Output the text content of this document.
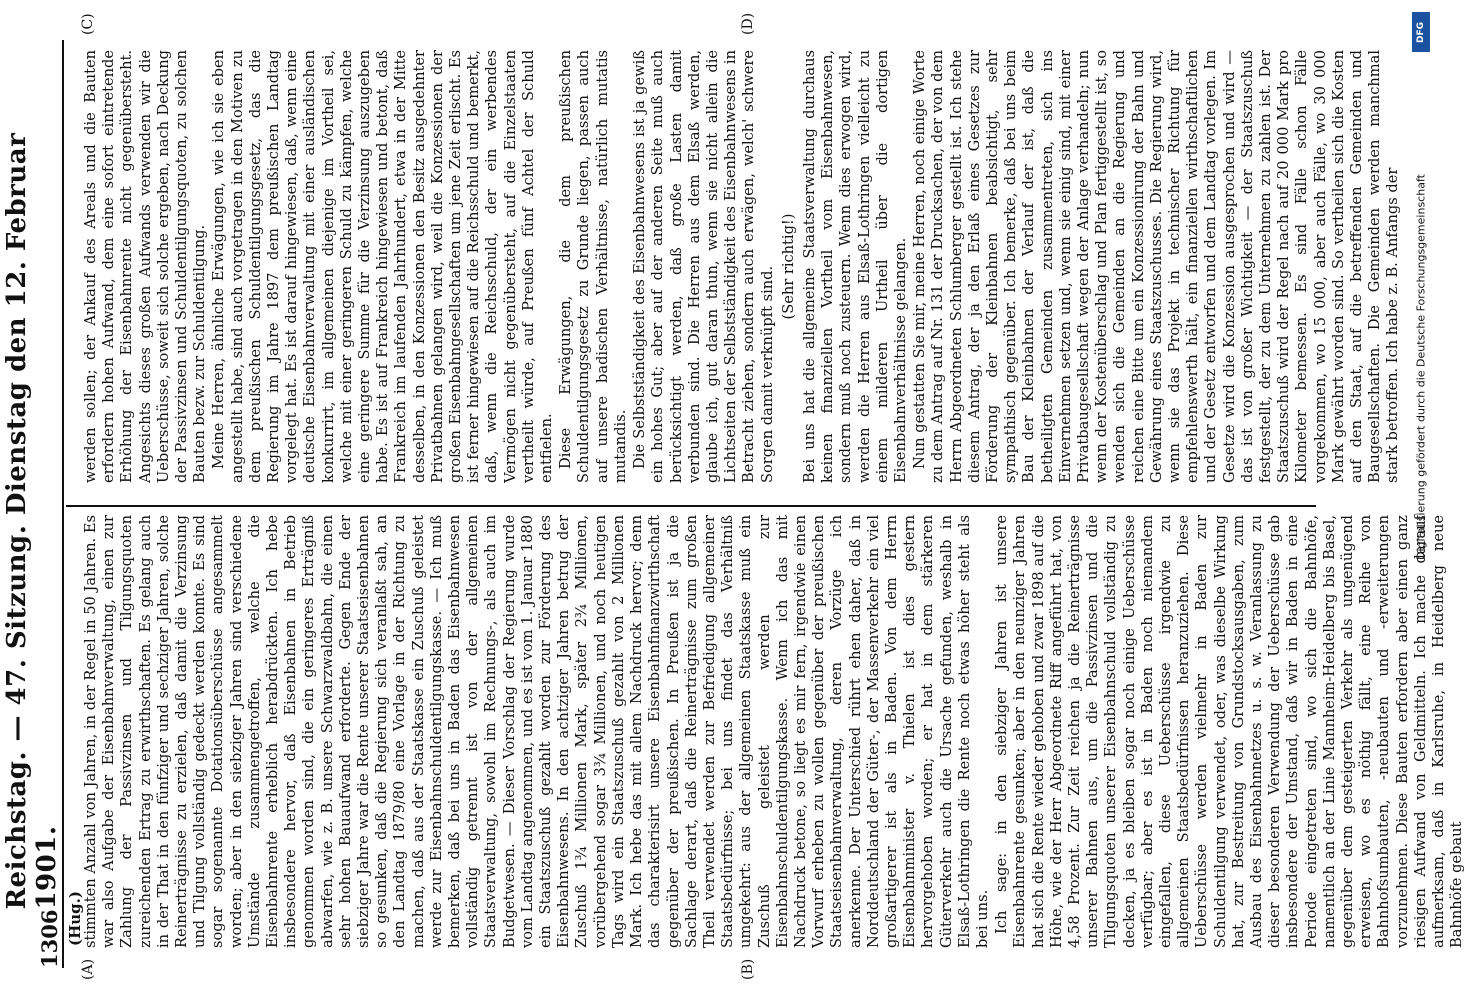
1306
Reichstag. — 47. Sitzung. Dienstag den 12. Februar 1901.
(Hug.)
(A)	(B)
(C)	(D)

stimmten Anzahl von Jahren, in der Regel in 50 Jahren. Es war also Aufgabe der Eisenbahnverwaltung, einen zur Zahlung der Passivzinsen und Tilgungsquoten zureichenden Ertrag zu erwirthschaften. Es gelang auch in der That in den fünfziger und sechziger Jahren, solche Reinerträgnisse zu erzielen, daß damit die Verzinsung und Tilgung vollständig gedeckt werden konnte. Es sind sogar sogenannte Dotationsüberschüsse angesammelt worden; aber in den siebziger Jahren sind verschiedene Umstände zusammengetroffen, welche die Eisenbahnrente erheblich herabdrückten. Ich hebe insbesondere hervor, daß Eisenbahnen in Betrieb genommen worden sind, die ein geringeres Erträgniß abwarfen, wie z. B. unsere Schwarzwaldbahn, die einen sehr hohen Bauaufwand erforderte. Gegen Ende der siebziger Jahre war die Rente unserer Staatseisenbahnen so gesunken, daß die Regierung sich veranlaßt sah, an den Landtag 1879/80 eine Vorlage in der Richtung zu machen, daß aus der Staatskasse ein Zuschuß geleistet werde zur Eisenbahnschuldentilgungskasse. — Ich muß bemerken, daß bei uns in Baden das Eisenbahnwesen vollständig getrennt ist von der allgemeinen Staatsverwaltung, sowohl im Rechnungs-, als auch im Budgetwesen. — Dieser Vorschlag der Regierung wurde vom Landtag angenommen, und es ist vom 1. Januar 1880 ein Staatszuschuß gezahlt worden zur Förderung des Eisenbahnwesens. In den achtziger Jahren betrug der Zuschuß 1¾ Millionen Mark, später 2¾ Millionen, vorübergehend sogar 3¾ Millionen, und noch heutigen Tags wird ein Staatszuschuß gezahlt von 2 Millionen Mark. Ich hebe das mit allem Nachdruck hervor; denn das charakterisirt unsere Eisenbahnfinanzwirthschaft gegenüber der preußischen. In Preußen ist ja die Sachlage derart, daß die Reinerträgnisse zum großen Theil verwendet werden zur Befriedigung allgemeiner Staatsbedürfnisse; bei uns findet das Verhältniß umgekehrt: aus der allgemeinen Staatskasse muß ein Zuschuß geleistet werden zur Eisenbahnschuldentilgungskasse. Wenn ich das mit Nachdruck betone, so liegt es mir fern, irgendwie einen Vorwurf erheben zu wollen gegenüber der preußischen Staatseisenbahnverwaltung, deren Vorzüge ich anerkenne. Der Unterschied rührt ehen daher, daß in Norddeutschland der Güter-, der Massenverkehr ein viel großartigerer ist als in Baden. Von dem Herrn Eisenbahnminister v. Thielen ist dies gestern hervorgehoben worden; er hat in dem stärkeren Güterverkehr auch die Ursache gefunden, weshalb in Elsaß-Lothringen die Rente noch etwas höher steht als bei uns. Ich sage: in den siebziger Jahren ist unsere Eisenbahnrente gesunken; aber in den neunziger Jahren hat sich die Rente wieder gehoben und zwar 1898 auf die Höhe, wie der Herr Abgeordnete Riff angeführt hat, von 4,58 Prozent. Zur Zeit reichen ja die Reinerträgnisse unserer Bahnen aus, um die Passivzinsen und die Tilgungsquoten unserer Eisenbahnschuld vollständig zu decken, ja es bleiben sogar noch einige Ueberschüsse verfügbar; aber es ist in Baden noch niemandem eingefallen, diese Ueberschüsse irgendwie zu allgemeinen Staatsbedürfnissen heranzuziehen. Diese Ueberschüsse werden vielmehr in Baden zur Schuldentilgung verwendet, oder, was dieselbe Wirkung hat, zur Bestreitung von Grundstocksausgaben, zum Ausbau des Eisenbahnnetzes u. s. w. Veranlassung zu dieser besonderen Verwendung der Ueberschüsse gab insbesondere der Umstand, daß wir in Baden in eine Periode eingetreten sind, wo sich die Bahnhöfe, namentlich an der Linie Mannheim-Heidelberg bis Basel, gegenüber dem gesteigerten Verkehr als ungenügend erweisen, wo es nöthig fällt, eine Reihe von Bahnhofsumbauten, -neubauten und -erweiterungen vorzunehmen. Diese Bauten erfordern aber einen ganz riesigen Aufwand von Geldmitteln. Ich mache darauf aufmerksam, daß in Karlsruhe, in Heidelberg neue Bahnhöfe gebaut

werden sollen; der Ankauf des Areals und die Bauten erfordern hohen Aufwand, dem eine sofort eintretende Erhöhung der Eisenbahnrente nicht gegenübersteht. Angesichts dieses großen Aufwands verwenden wir die Ueberschüsse, soweit sich solche ergeben, nach Deckung der Passivzinsen und Schuldentilgungsquoten, zu solchen Bauten bezw. zur Schuldentilgung. Meine Herren, ähnliche Erwägungen, wie ich sie eben angestellt habe, sind auch vorgetragen in den Motiven zu dem preußischen Schuldentilgungsgesetz, das die Regierung im Jahre 1897 dem preußischen Landtag vorgelegt hat. Es ist darauf hingewiesen, daß, wenn eine deutsche Eisenbahnverwaltung mit einer ausländischen konkurrirt, im allgemeinen diejenige im Vortheil sei, welche mit einer geringeren Schuld zu kämpfen, welche eine geringere Summe für die Verzinsung auszugeben habe. Es ist auf Frankreich hingewiesen und betont, daß Frankreich im laufenden Jahrhundert, etwa in der Mitte desselben, in den Konzessionen den Besitz ausgedehnter Privatbahnen gelangen wird, weil die Konzessionen der großen Eisenbahngesellschaften um jene Zeit erlischt. Es ist ferner hingewiesen auf die Reichsschuld und bemerkt, daß, wenn die Reichsschuld, der ein werbendes Vermögen nicht gegenübersteht, auf die Einzelstaaten vertheilt würde, auf Preußen fünf Achtel der Schuld entfielen. Diese Erwägungen, die dem preußischen Schuldentilgungsgesetz zu Grunde liegen, passen auch auf unsere badischen Verhältnisse, natürlich mutatis mutandis. Die Selbstständigkeit des Eisenbahnwesens ist ja gewiß ein hohes Gut; aber auf der anderen Seite muß auch berücksichtigt werden, daß große Lasten damit verbunden sind. Die Herren aus dem Elsaß werden, glaube ich, gut daran thun, wenn sie nicht allein die Lichtseiten der Selbstständigkeit des Eisenbahnwesens in Betracht ziehen, sondern auch erwägen, welch' schwere Sorgen damit verknüpft sind. (Sehr richtig!) Bei uns hat die allgemeine Staatsverwaltung durchaus keinen finanziellen Vortheil vom Eisenbahnwesen, sondern muß noch zusteuern. Wenn dies erwogen wird, werden die Herren aus Elsaß-Lothringen vielleicht zu einem milderen Urtheil über die dortigen Eisenbahnverhältnisse gelangen. Nun gestatten Sie mir, meine Herren, noch einige Worte zu dem Antrag auf Nr. 131 der Drucksachen, der von dem Herrn Abgeordneten Schlumberger gestellt ist. Ich stehe diesem Antrag, der ja den Erlaß eines Gesetzes zur Förderung der Kleinbahnen beabsichtigt, sehr sympathisch gegenüber. Ich bemerke, daß bei uns beim Bau der Kleinbahnen der Verlauf der ist, daß die betheiligten Gemeinden zusammentreten, sich ins Einvernehmen setzen und, wenn sie einig sind, mit einer Privatbaugesellschaft wegen der Anlage verhandeln; nun wenn der Kostenüberschlag und Plan fertiggestellt ist, so wenden sich die Gemeinden an die Regierung und reichen eine Bitte um ein Konzessionirung der Bahn und Gewährung eines Staatszuschusses. Die Regierung wird, wenn sie das Projekt in technischer Richtung für empfehlenswerth hält, ein finanziellen wirthschaftlichen und der Gesetz entworfen und dem Landtag vorlegen. Im Gesetze wird die Konzession ausgesprochen und wird — das ist von großer Wichtigkeit — der Staatszuschuß festgestellt, der zu dem Unternehmen zu zahlen ist. Der Staatszuschuß wird der Regel nach auf 20 000 Mark pro Kilometer bemessen. Es sind Fälle schon Fälle vorgekommen, wo 15 000, aber auch Fälle, wo 30 000 Mark gewährt worden sind. So vertheilen sich die Kosten auf den Staat, auf die betreffenden Gemeinden und Baugesellschaften. Die Gemeinden werden manchmal stark betroffen. Ich habe z. B. Anfangs der

DFG
Digitalisierung gefördert durch die Deutsche Forschungsgemeinschaft
